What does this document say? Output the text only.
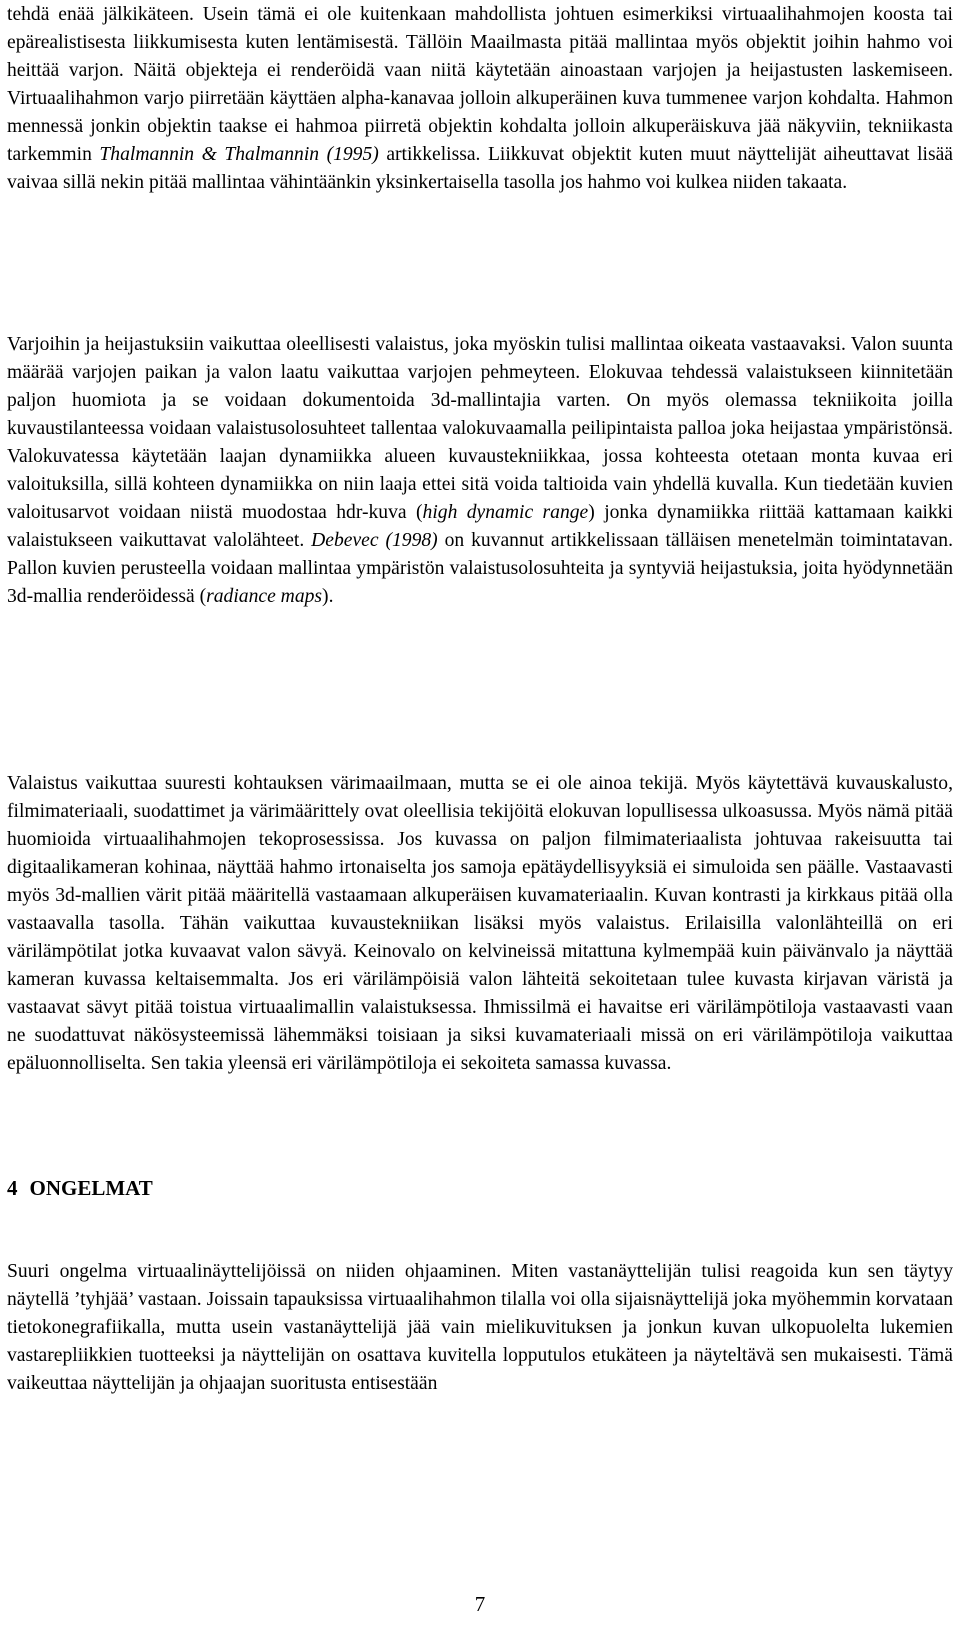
tehdä enää jälkikäteen. Usein tämä ei ole kuitenkaan mahdollista johtuen esimerkiksi virtuaalihahmojen koosta tai epärealistisesta liikkumisesta kuten lentämisestä. Tällöin Maailmasta pitää mallintaa myös objektit joihin hahmo voi heittää varjon. Näitä objekteja ei renderöidä vaan niitä käytetään ainoastaan varjojen ja heijastusten laskemiseen. Virtuaalihahmon varjo piirretään käyttäen alpha-kanavaa jolloin alkuperäinen kuva tummenee varjon kohdalta. Hahmon mennessä jonkin objektin taakse ei hahmoa piirretä objektin kohdalta jolloin alkuperäiskuva jää näkyviin, tekniikasta tarkemmin Thalmannin & Thalmannin (1995) artikkelissa. Liikkuvat objektit kuten muut näyttelijät aiheuttavat lisää vaivaa sillä nekin pitää mallintaa vähintäänkin yksinkertaisella tasolla jos hahmo voi kulkea niiden takaata.

Varjoihin ja heijastuksiin vaikuttaa oleellisesti valaistus, joka myöskin tulisi mallintaa oikeata vastaavaksi. Valon suunta määrää varjojen paikan ja valon laatu vaikuttaa varjojen pehmeyteen. Elokuvaa tehdessä valaistukseen kiinnitetään paljon huomiota ja se voidaan dokumentoida 3d-mallintajia varten. On myös olemassa tekniikoita joilla kuvaustilanteessa voidaan valaistusolosuhteet tallentaa valokuvaamalla peilipintaista palloa joka heijastaa ympäristönsä. Valokuvatessa käytetään laajan dynamiikka alueen kuvaustekniikkaa, jossa kohteesta otetaan monta kuvaa eri valoituksilla, sillä kohteen dynamiikka on niin laaja ettei sitä voida taltioida vain yhdellä kuvalla. Kun tiedetään kuvien valoitusarvot voidaan niistä muodostaa hdr-kuva (high dynamic range) jonka dynamiikka riittää kattamaan kaikki valaistukseen vaikuttavat valolähteet. Debevec (1998) on kuvannut artikkelissaan tälläisen menetelmän toimintatavan. Pallon kuvien perusteella voidaan mallintaa ympäristön valaistusolosuhteita ja syntyviä heijastuksia, joita hyödynnetään 3d-mallia renderöidessä (radiance maps).

Valaistus vaikuttaa suuresti kohtauksen värimaailmaan, mutta se ei ole ainoa tekijä. Myös käytettävä kuvauskalusto, filmimateriaali, suodattimet ja värimäärittely ovat oleellisia tekijöitä elokuvan lopullisessa ulkoasussa. Myös nämä pitää huomioida virtuaalihahmojen tekoprosessissa. Jos kuvassa on paljon filmimateriaalista johtuvaa rakeisuutta tai digitaalikameran kohinaa, näyttää hahmo irtonaiselta jos samoja epätäydellisyyksiä ei simuloida sen päälle. Vastaavasti myös 3d-mallien värit pitää määritellä vastaamaan alkuperäisen kuvamateriaalin. Kuvan kontrasti ja kirkkaus pitää olla vastaavalla tasolla. Tähän vaikuttaa kuvaustekniikan lisäksi myös valaistus. Erilaisilla valonlähteillä on eri värilämpötilat jotka kuvaavat valon sävyä. Keinovalo on kelvineissä mitattuna kylmempää kuin päivänvalo ja näyttää kameran kuvassa keltaisemmalta. Jos eri värilämpöisiä valon lähteitä sekoitetaan tulee kuvasta kirjavan väristä ja vastaavat sävyt pitää toistua virtuaalimallin valaistuksessa. Ihmissilmä ei havaitse eri värilämpötiloja vastaavasti vaan ne suodattuvat näkösysteemissä lähemmäksi toisiaan ja siksi kuvamateriaali missä on eri värilämpötiloja vaikuttaa epäluonnolliselta. Sen takia yleensä eri värilämpötiloja ei sekoiteta samassa kuvassa.

4 ONGELMAT

Suuri ongelma virtuaalinäyttelijöissä on niiden ohjaaminen. Miten vastanäyttelijän tulisi reagoida kun sen täytyy näytellä ’tyhjää’ vastaan. Joissain tapauksissa virtuaalihahmon tilalla voi olla sijaisnäyttelijä joka myöhemmin korvataan tietokonegrafiikalla, mutta usein vastanäyttelijä jää vain mielikuvituksen ja jonkun kuvan ulkopuolelta lukemien vastarepliikkien tuotteeksi ja näyttelijän on osattava kuvitella lopputulos etukäteen ja näyteltävä sen mukaisesti. Tämä vaikeuttaa näyttelijän ja ohjaajan suoritusta entisestään

7
